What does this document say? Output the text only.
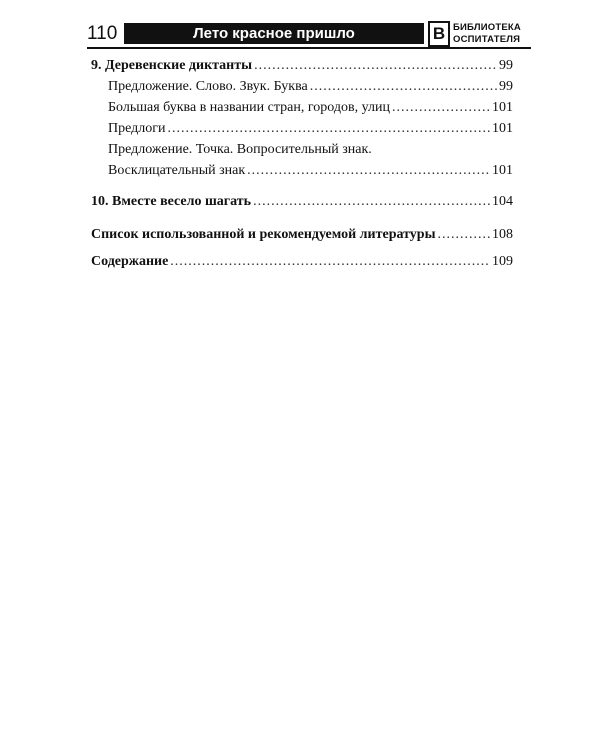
110	Лето красное пришло	В БИБЛИОТЕКА
ОСПИТАТЕЛЯ
9. Деревенские диктанты .....	99
Предложение. Слово. Звук. Буква .....	99
Большая буква в названии стран, городов, улиц .....	101
Предлоги .....	101
Предложение. Точка. Вопросительный знак.
Восклицательный знак .....	101
10. Вместе весело шагать .....	104
Список использованной и рекомендуемой литературы .....	108
Содержание .....	109
